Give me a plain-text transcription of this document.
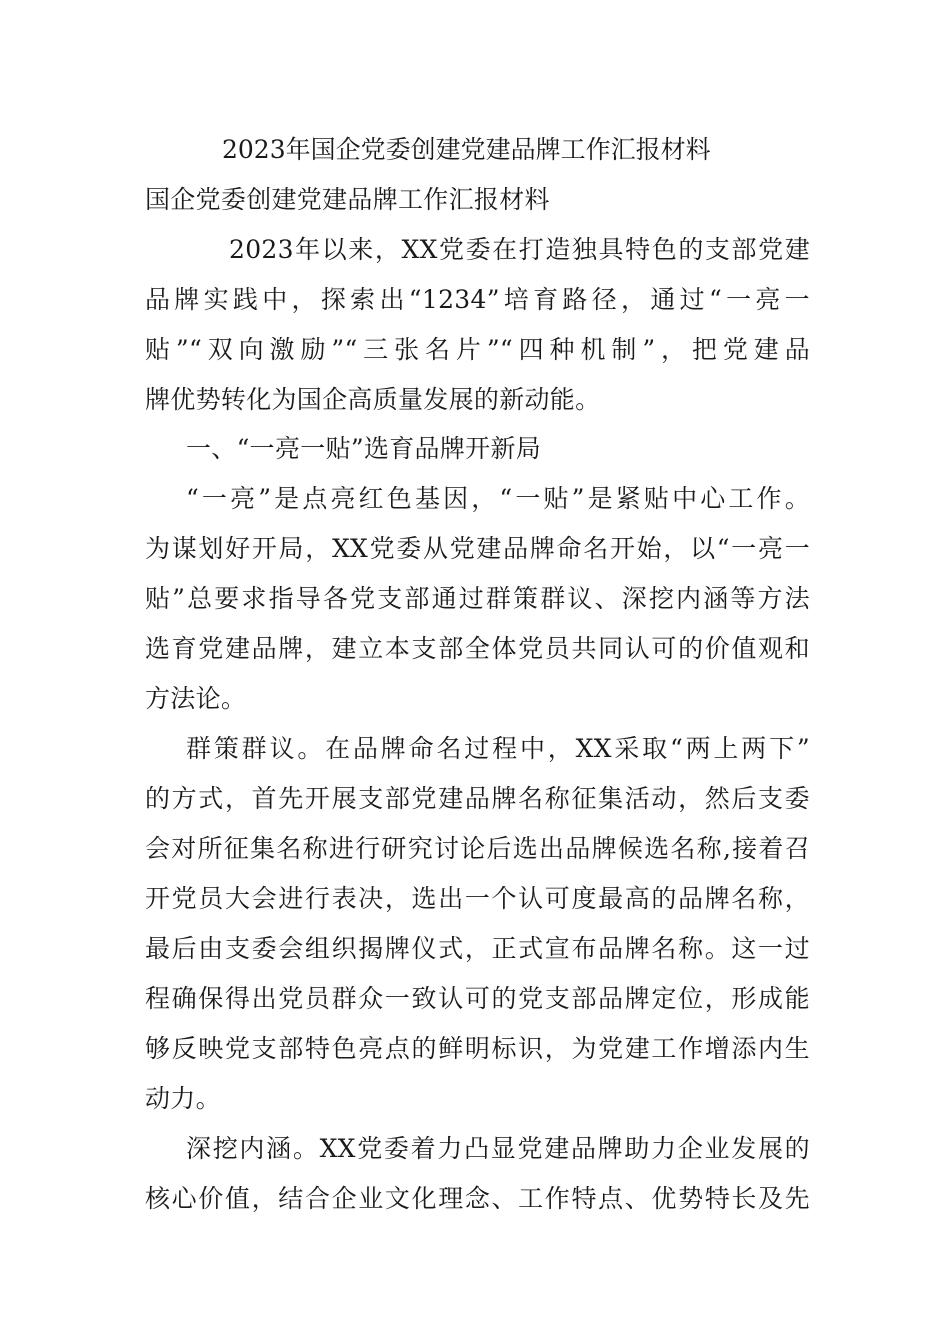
2023年国企党委创建党建品牌工作汇报材料
国企党委创建党建品牌工作汇报材料
2023年以来，XX党委在打造独具特色的支部党建
品牌实践中，探索出“1234”培育路径，通过“一亮一
贴”“双向激励”“三张名片”“四种机制”，把党建品
牌优势转化为国企高质量发展的新动能。
一、“一亮一贴”选育品牌开新局
“一亮”是点亮红色基因，“一贴”是紧贴中心工作。
为谋划好开局，XX党委从党建品牌命名开始，以“一亮一
贴”总要求指导各党支部通过群策群议、深挖内涵等方法
选育党建品牌，建立本支部全体党员共同认可的价值观和
方法论。
群策群议。在品牌命名过程中，XX采取“两上两下”
的方式，首先开展支部党建品牌名称征集活动，然后支委
会对所征集名称进行研究讨论后选出品牌候选名称,接着召
开党员大会进行表决，选出一个认可度最高的品牌名称，
最后由支委会组织揭牌仪式，正式宣布品牌名称。这一过
程确保得出党员群众一致认可的党支部品牌定位，形成能
够反映党支部特色亮点的鲜明标识，为党建工作增添内生
动力。
深挖内涵。XX党委着力凸显党建品牌助力企业发展的
核心价值，结合企业文化理念、工作特点、优势特长及先
